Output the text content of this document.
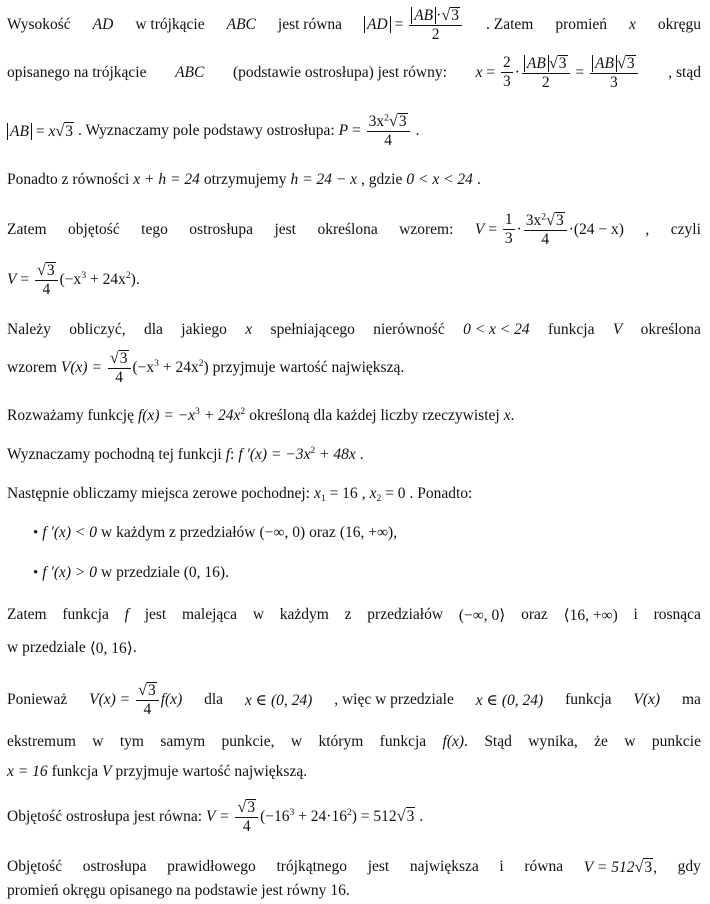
Wysokość AD w trójkącie ABC jest równa AD = $\frac{AB \cdot √ 3}{2}$ . Zatem promień x okręgu
opisanego na trójkącie ABC (podstawie ostrosłupa) jest równy: $x = \frac{2}{3} \cdot \frac{AB √ 3}{2} = \frac{AB √ 3}{3}$ , stąd
AB = x √ 3 . Wyznaczamy pole podstawy ostrosłupa: $P = \frac{3x^2 √ 3}{4}$ .
Ponadto z równości x + h = 24 otrzymujemy h = 24 − x , gdzie 0 < x < 24 .
Zatem objętość tego ostrosłupa jest określona wzorem: $V = \frac{1}{3} \cdot \frac{3x^2 √ 3}{4} \cdot(24 - x)$ , czyli
$V = \frac{√ 3}{4} (-x^3 + 24x^2)$.
Należy obliczyć, dla jakiego x spełniającego nierówność 0 < x < 24 funkcja V określona
wzorem $V(x) = \frac{√ 3}{4} (-x^3 + 24x^2)$ przyjmuje wartość największą.
Rozważamy funkcję $f(x) = -x^3 + 24x^2$ określoną dla każdej liczby rzeczywistej x .
Wyznaczamy pochodną tej funkcji f : f $'(x) = -3x^2 + 48x$ .
Następnie obliczamy miejsca zerowe pochodnej: $x_1 = 16$ , $x_2 = 0$ . Ponadto:
• f ′(x) < 0 w każdym z przedziałów (−∞, 0) oraz (16, +∞) ,
• f ′(x) > 0 w przedziale (0, 16) .
Zatem funkcja f jest malejąca w każdym z przedziałów (−∞, 0⟩ oraz ⟨16, +∞) i rosnąca
w przedziale ⟨0, 16⟩ .
Ponieważ $V(x) = \frac{√ 3}{4} f(x)$ dla x ∈ (0, 24) , więc w przedziale x ∈ (0, 24) funkcja V(x) ma
ekstremum w tym samym punkcie, w którym funkcja f(x). Stąd wynika, że w punkcie
x = 16 funkcja V przyjmuje wartość największą.
Objętość ostrosłupa jest równa: $V = \frac{√ 3}{4} (-16^3 + 24\cdot 16^2) = 512$ √ 3 .
Objętość ostrosłupa prawidłowego trójkątnego jest największa i równa V = 512 √ 3 , gdy
promień okręgu opisanego na podstawie jest równy 16 .
